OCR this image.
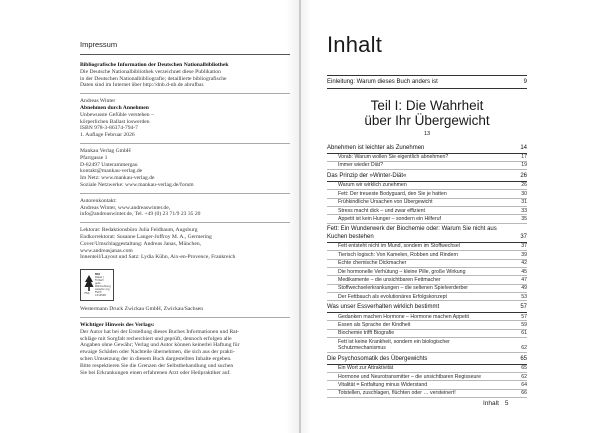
Impressum
Bibliografische Information der Deutschen Nationalbibliothek
Die Deutsche Nationalbibliothek verzeichnet diese Publikation
in der Deutschen Nationalbibliografie; detaillierte bibliografische
Daten sind im Internet über http://dnb.d-nb.de abrufbar.
Andreas Winter
Abnehmen durch Annehmen
Unbewusste Gefühle verstehen –
körperlichen Ballast loswerden
ISBN 978-3-86374-794-7
1. Auflage Februar 2026
Mankau Verlag GmbH
Pfarrgasse 1
D-82497 Unterammergau
kontakt@mankau-verlag.de
Im Netz: www.mankau-verlag.de
Soziale Netzwerke: www.mankau-verlag.de/forum
Autorenkontakt:
Andreas Winter, www.andreaswinter.de,
info@andreaswinter.de, Tel. +49 (0) 23 71/9 23 35 20
Lektorat: Redaktionsbüro Julia Feldbaum, Augsburg
Endkorrektorat: Susanne Langer-Joffroy M. A., Germering
Cover/Umschlaggestaltung: Andreas Janas, München,
www.andreasjanas.com
Innenteil/Layout und Satz: Lydia Kühn, Aix-en-Provence, Frankreich
FSC
MIX
Papier | Fördert
gute Waldnutzung
www.fsc.org
FSC® C110508
Westermann Druck Zwickau GmbH, Zwickau/Sachsen
Wichtiger Hinweis des Verlags:
Der Autor hat bei der Erstellung dieses Buches Informationen und Rat-
schläge mit Sorgfalt recherchiert und geprüft, dennoch erfolgen alle
Angaben ohne Gewähr; Verlag und Autor können keinerlei Haftung für
etwaige Schäden oder Nachteile übernehmen, die sich aus der prakti-
schen Umsetzung der in diesem Buch dargestellten Inhalte ergeben.
Bitte respektieren Sie die Grenzen der Selbstbehandlung und suchen
Sie bei Erkrankungen einen erfahrenen Arzt oder Heilpraktiker auf.
Inhalt
Einleitung: Warum dieses Buch anders ist	9
Teil I: Die Wahrheit
über Ihr Übergewicht
13
Abnehmen ist leichter als Zunehmen	14
Vorab: Warum wollen Sie eigentlich abnehmen?	17
Immer wieder Diät?	19
Das Prinzip der »Winter-Diät«	26
Warum wir wirklich zunehmen	26
Fett: Der treueste Bodyguard, den Sie je hatten	30
Frühkindliche Ursachen von Übergewicht	31
Stress macht dick – und zwar effizient	33
Appetit ist kein Hunger – sondern ein Hilferuf	35
Fett: Ein Wunderwerk der Biochemie oder: Warum Sie nicht aus Kuchen bestehen	37
Fett entsteht nicht im Mund, sondern im Stoffwechsel	37
Tierisch logisch: Von Kamelen, Robben und Rindern	39
Echte chemische Dickmacher	42
Die hormonelle Verhütung – kleine Pille, große Wirkung	45
Medikamente – die unsichtbaren Fettmacher	47
Stoffwechselerkrankungen – die seltenen Spielverderber	49
Der Fettbauch als evolutionäres Erfolgskonzept	53
Was unser Essverhalten wirklich bestimmt	57
Gedanken machen Hormone – Hormone machen Appetit	57
Essen als Sprache der Kindheit	59
Biochemie trifft Biografie	61
Fett ist keine Krankheit, sondern ein biologischer Schutzmechanismus	62
Die Psychosomatik des Übergewichts	65
Ein Wort zur Attraktivität	65
Hormone und Neurotransmitter – die unsichtbaren Regisseure	62
Vitalität = Entfaltung minus Widerstand	64
Totstellen, zuschlagen, flüchten oder … versteinert!	66
Inhalt 5
